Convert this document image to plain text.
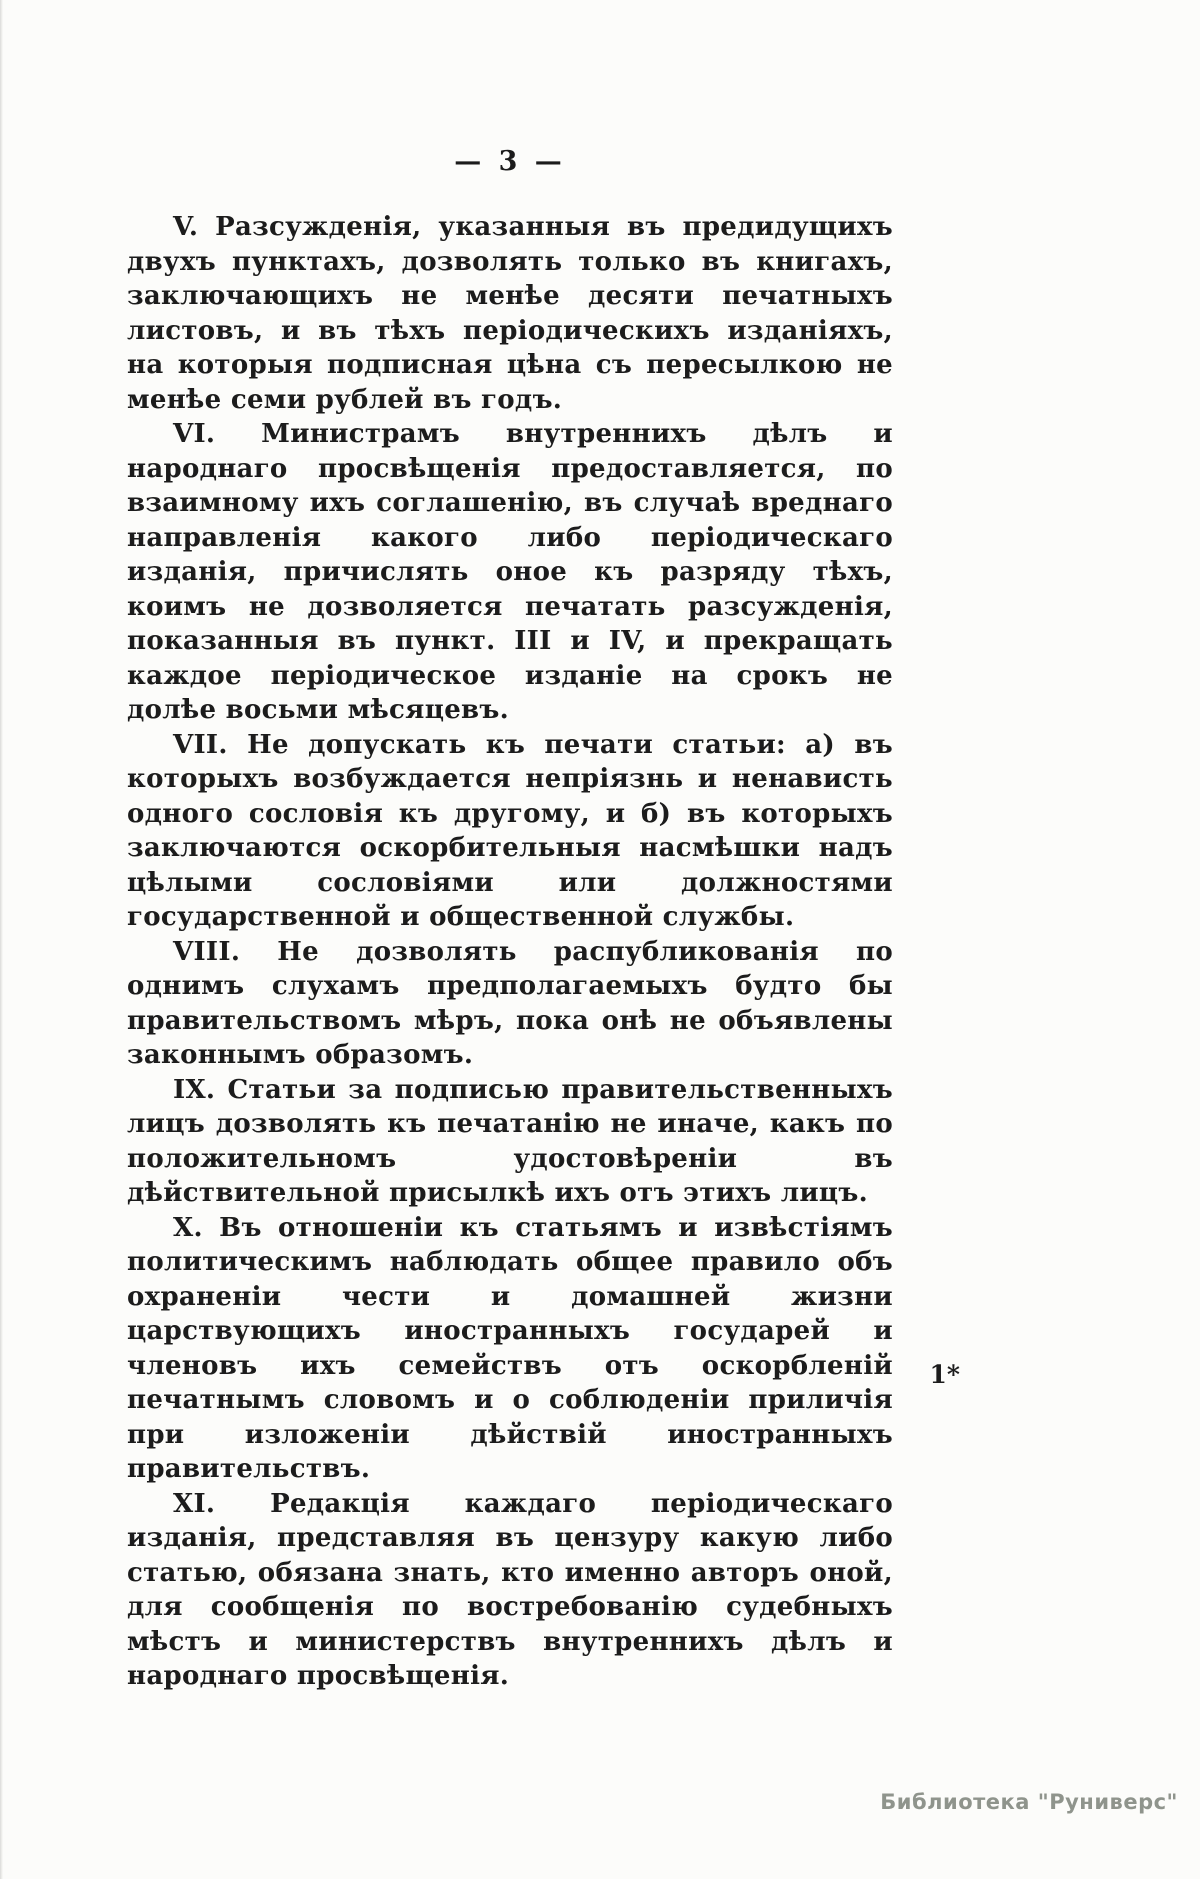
— 3 —

V. Разсужденія, указанныя въ предидущихъ двухъ пунктахъ, дозволять только въ книгахъ, заключающихъ не менѣе десяти печатныхъ листовъ, и въ тѣхъ періодическихъ изданіяхъ, на которыя подписная цѣна съ пересылкою не менѣе семи рублей въ годъ.

VI. Министрамъ внутреннихъ дѣлъ и народнаго просвѣщенія предоставляется, по взаимному ихъ соглашенію, въ случаѣ вреднаго направленія какого либо періодическаго изданія, причислять оное къ разряду тѣхъ, коимъ не дозволяется печатать разсужденія, показанныя въ пункт. III и IV, и прекращать каждое періодическое изданіе на срокъ не долѣе восьми мѣсяцевъ.

VII. Не допускать къ печати статьи: а) въ которыхъ возбуждается непріязнь и ненависть одного сословія къ другому, и б) въ которыхъ заключаются оскорбительныя насмѣшки надъ цѣлыми сословіями или должностями государственной и общественной службы.

VIII. Не дозволять распубликованія по однимъ слухамъ предполагаемыхъ будто бы правительствомъ мѣръ, пока онѣ не объявлены законнымъ образомъ.

IX. Статьи за подписью правительственныхъ лицъ дозволять къ печатанію не иначе, какъ по положительномъ удостовѣреніи въ дѣйствительной присылкѣ ихъ отъ этихъ лицъ.

X. Въ отношеніи къ статьямъ и извѣстіямъ политическимъ наблюдать общее правило объ охраненіи чести и домашней жизни царствующихъ иностранныхъ государей и членовъ ихъ семействъ отъ оскорбленій печатнымъ словомъ и о соблюденіи приличія при изложеніи дѣйствій иностранныхъ правительствъ.

XI. Редакція каждаго періодическаго изданія, представляя въ цензуру какую либо статью, обязана знать, кто именно авторъ оной, для сообщенія по востребованію судебныхъ мѣстъ и министерствъ внутреннихъ дѣлъ и народнаго просвѣщенія.

1*
Библиотека "Руниверс"
